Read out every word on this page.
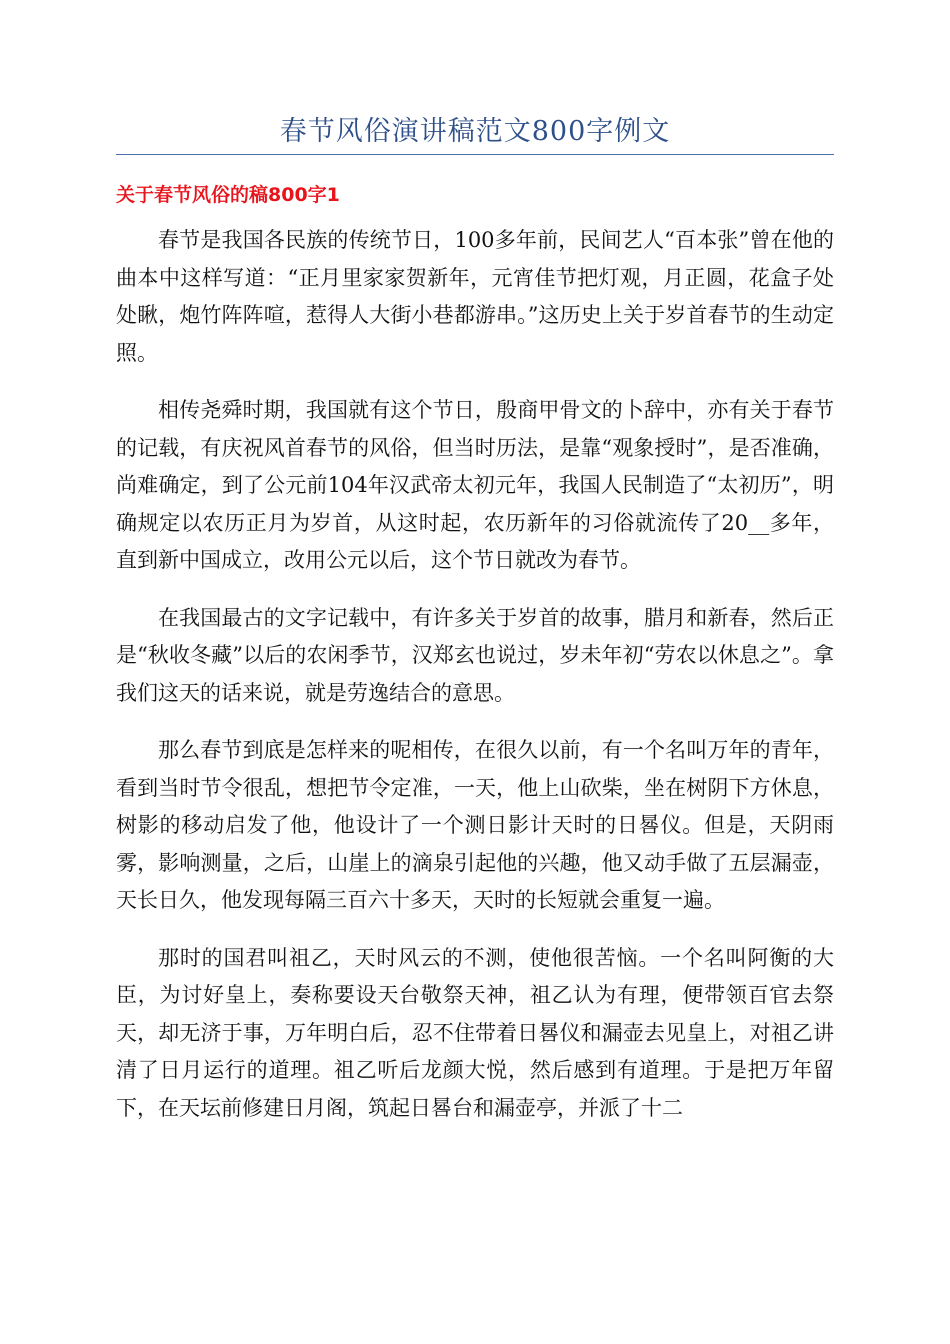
春节风俗演讲稿范文800字例文
关于春节风俗的稿800字1

春节是我国各民族的传统节日，100多年前，民间艺人“百本张”曾在他的曲本中这样写道：“正月里家家贺新年，元宵佳节把灯观，月正圆，花盒子处处瞅，炮竹阵阵喧，惹得人大街小巷都游串。”这历史上关于岁首春节的生动定照。

相传尧舜时期，我国就有这个节日，殷商甲骨文的卜辞中，亦有关于春节的记载，有庆祝风首春节的风俗，但当时历法，是靠“观象授时”，是否准确，尚难确定，到了公元前104年汉武帝太初元年，我国人民制造了“太初历”，明确规定以农历正月为岁首，从这时起，农历新年的习俗就流传了20__多年，直到新中国成立，改用公元以后，这个节日就改为春节。

在我国最古的文字记载中，有许多关于岁首的故事，腊月和新春，然后正是“秋收冬藏”以后的农闲季节，汉郑玄也说过，岁未年初“劳农以休息之”。拿我们这天的话来说，就是劳逸结合的意思。

那么春节到底是怎样来的呢相传，在很久以前，有一个名叫万年的青年，看到当时节令很乱，想把节令定准，一天，他上山砍柴，坐在树阴下方休息，树影的移动启发了他，他设计了一个测日影计天时的日晷仪。但是，天阴雨雾，影响测量，之后，山崖上的滴泉引起他的兴趣，他又动手做了五层漏壶，天长日久，他发现每隔三百六十多天，天时的长短就会重复一遍。

那时的国君叫祖乙，天时风云的不测，使他很苦恼。一个名叫阿衡的大臣，为讨好皇上，奏称要设天台敬祭天神，祖乙认为有理，便带领百官去祭天，却无济于事，万年明白后，忍不住带着日晷仪和漏壶去见皇上，对祖乙讲清了日月运行的道理。祖乙听后龙颜大悦，然后感到有道理。于是把万年留下，在天坛前修建日月阁，筑起日晷台和漏壶亭，并派了十二
